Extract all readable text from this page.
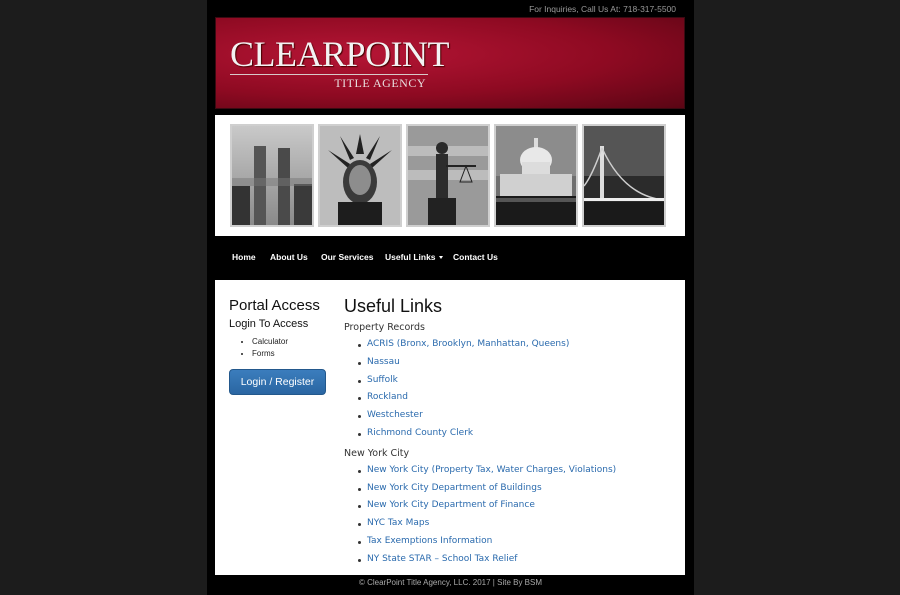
For Inquiries, Call Us At: 718-317-5500
CLEARPOINT
TITLE AGENCY
Home About Us Our Services Useful Links	Contact Us
Portal Access
Login To Access
• Calculator
• Forms
Login / Register
Useful Links
Property Records
ACRIS (Bronx, Brooklyn, Manhattan, Queens)
Nassau
Suffolk
Rockland
Westchester
Richmond County Clerk
New York City
New York City (Property Tax, Water Charges, Violations)
New York City Department of Buildings
New York City Department of Finance
NYC Tax Maps
Tax Exemptions Information
NY State STAR – School Tax Relief
© ClearPoint Title Agency, LLC. 2017 | Site By BSM
